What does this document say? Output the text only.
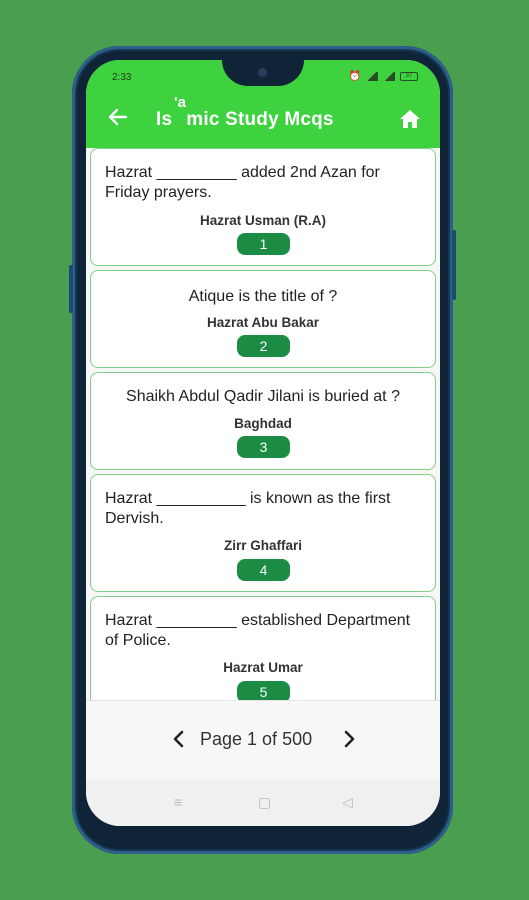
2:33	⏰	37
Is mic Study Mcqs
'a
Hazrat _________ added 2nd Azan for Friday prayers.
Hazrat Usman (R.A)
1
Atique is the title of ?
Hazrat Abu Bakar
2
Shaikh Abdul Qadir Jilani is buried at ?
Baghdad
3
Hazrat __________ is known as the first Dervish.
Zirr Ghaffari
4
Hazrat _________ established Department of Police.
Hazrat Umar
5
Page 1 of 500
≡	▢	◁
